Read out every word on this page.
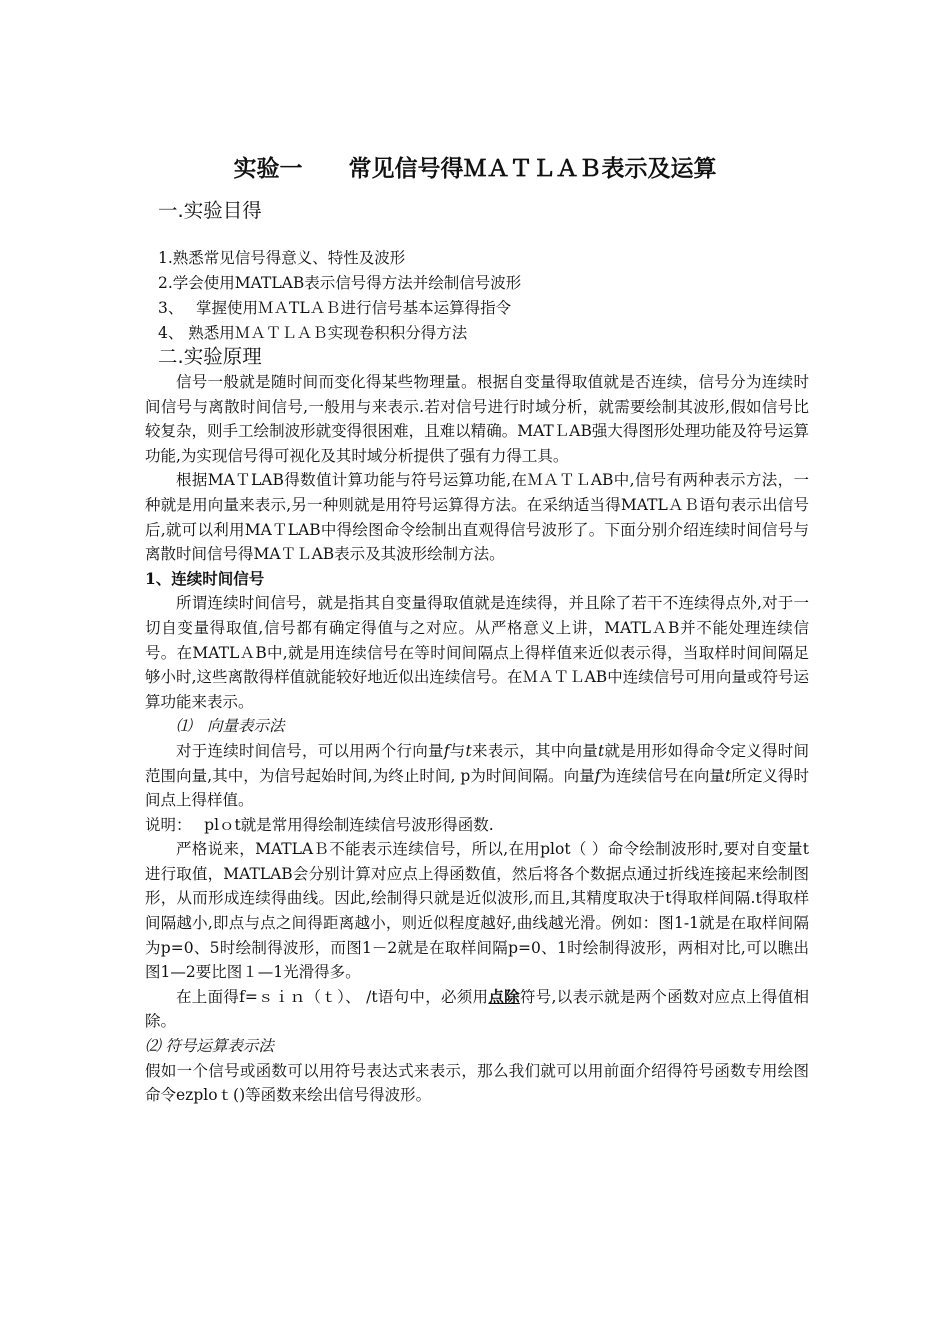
实验一　　常见信号得ＭＡＴＬＡＢ表示及运算
一.实验目得
1.熟悉常见信号得意义、特性及波形
2.学会使用MATLAB表示信号得方法并绘制信号波形
3、　 掌握使用ＭＡTLＡＢ进行信号基本运算得指令
4、 熟悉用ＭＡＴＬＡＢ实现卷积积分得方法
二.实验原理

信号一般就是随时间而变化得某些物理量。根据自变量得取值就是否连续，信号分为连续时间信号与离散时间信号,一般用与来表示.若对信号进行时域分析，就需要绘制其波形,假如信号比较复杂，则手工绘制波形就变得很困难，且难以精确。MATＬAB强大得图形处理功能及符号运算功能,为实现信号得可视化及其时域分析提供了强有力得工具。

根据MAＴLAB得数值计算功能与符号运算功能,在ＭＡＴＬAB中,信号有两种表示方法，一种就是用向量来表示,另一种则就是用符号运算得方法。在采纳适当得MATLＡＢ语句表示出信号后,就可以利用MAＴLAB中得绘图命令绘制出直观得信号波形了。下面分别介绍连续时间信号与离散时间信号得MAＴＬAB表示及其波形绘制方法。

1、连续时间信号

所谓连续时间信号，就是指其自变量得取值就是连续得，并且除了若干不连续得点外,对于一切自变量得取值,信号都有确定得值与之对应。从严格意义上讲，MATLＡB并不能处理连续信号。在MATLＡB中,就是用连续信号在等时间间隔点上得样值来近似表示得，当取样时间间隔足够小时,这些离散得样值就能较好地近似出连续信号。在ＭＡＴＬAB中连续信号可用向量或符号运算功能来表示。

⑴　向量表示法

对于连续时间信号，可以用两个行向量f与t来表示，其中向量t就是用形如得命令定义得时间范围向量,其中，为信号起始时间,为终止时间, p为时间间隔。向量f为连续信号在向量t所定义得时间点上得样值。

说明：　 plｏt就是常用得绘制连续信号波形得函数.

严格说来，MATLAＢ不能表示连续信号，所以,在用plot（ ）命令绘制波形时,要对自变量t进行取值，MATLAB会分别计算对应点上得函数值，然后将各个数据点通过折线连接起来绘制图形，从而形成连续得曲线。因此,绘制得只就是近似波形,而且,其精度取决于t得取样间隔.t得取样间隔越小,即点与点之间得距离越小，则近似程度越好,曲线越光滑。例如：图1-1就是在取样间隔为p=0、5时绘制得波形，而图1－2就是在取样间隔p=0、1时绘制得波形，两相对比,可以瞧出图1—2要比图１—1光滑得多。

在上面得f=ｓｉｎ（ｔ）、 /t语句中，必须用点除符号,以表示就是两个函数对应点上得值相除。

⑵ 符号运算表示法

假如一个信号或函数可以用符号表达式来表示，那么我们就可以用前面介绍得符号函数专用绘图命令ezploｔ()等函数来绘出信号得波形。
